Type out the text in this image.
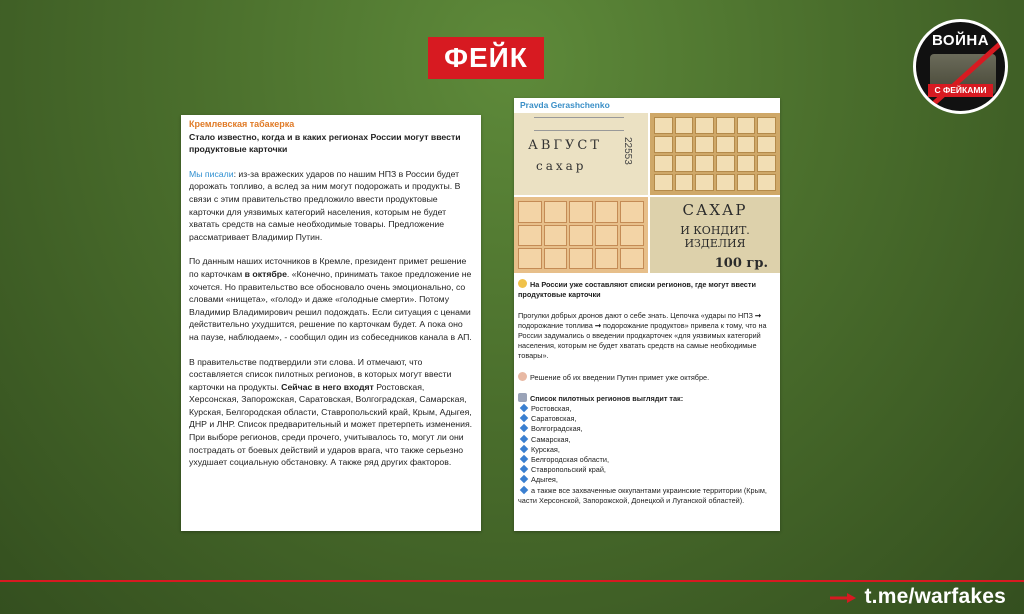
ФЕЙК
ВОЙНА
С ФЕЙКАМИ
Кремлевская табакерка
Стало известно, когда и в каких регионах России могут ввести продуктовые карточки
Мы писали: из-за вражеских ударов по нашим НПЗ в России будет дорожать топливо, а вслед за ним могут подорожать и продукты. В связи с этим правительство предложило ввести продуктовые карточки для уязвимых категорий населения, которым не будет хватать средств на самые необходимые товары. Предложение рассматривает Владимир Путин.
По данным наших источников в Кремле, президент примет решение по карточкам в октябре. «Конечно, принимать такое предложение не хочется. Но правительство все обосновало очень эмоционально, со словами «нищета», «голод» и даже «голодные смерти». Потому Владимир Владимирович решил подождать. Если ситуация с ценами действительно ухудшится, решение по карточкам будет. А пока оно на паузе, наблюдаем», - сообщил один из собеседников канала в АП.
В правительстве подтвердили эти слова. И отмечают, что составляется список пилотных регионов, в которых могут ввести карточки на продукты. Сейчас в него входят Ростовская, Херсонская, Запорожская, Саратовская, Волгоградская, Самарская, Курская, Белгородская области, Ставропольский край, Крым, Адыгея, ДНР и ЛНР. Список предварительный и может претерпеть изменения. При выборе регионов, среди прочего, учитывалось то, могут ли они пострадать от боевых действий и ударов врага, что также серьезно ухудшает социальную обстановку. А также ряд других факторов.
Pravda Gerashchenko
АВГУСТ
сахар
22553
САХАР
И КОНДИТ.
ИЗДЕЛИЯ
100 гр.
На России уже составляют списки регионов, где могут ввести продуктовые карточки
Прогулки добрых дронов дают о себе знать. Цепочка «удары по НПЗ ➞ подорожание топлива ➞ подорожание продуктов» привела к тому, что на России задумались о введении продкарточек «для уязвимых категорий населения, которым не будет хватать средств на самые необходимые товары».
Решение об их введении Путин примет уже октябре.
Список пилотных регионов выглядит так:
Ростовская,
Саратовская,
Волгоградская,
Самарская,
Курская,
Белгородская области,
Ставропольский край,
Адыгея,
а также все захваченные оккупантами украинские территории (Крым, части Херсонской, Запорожской, Донецкой и Луганской областей).
t.me/warfakes
